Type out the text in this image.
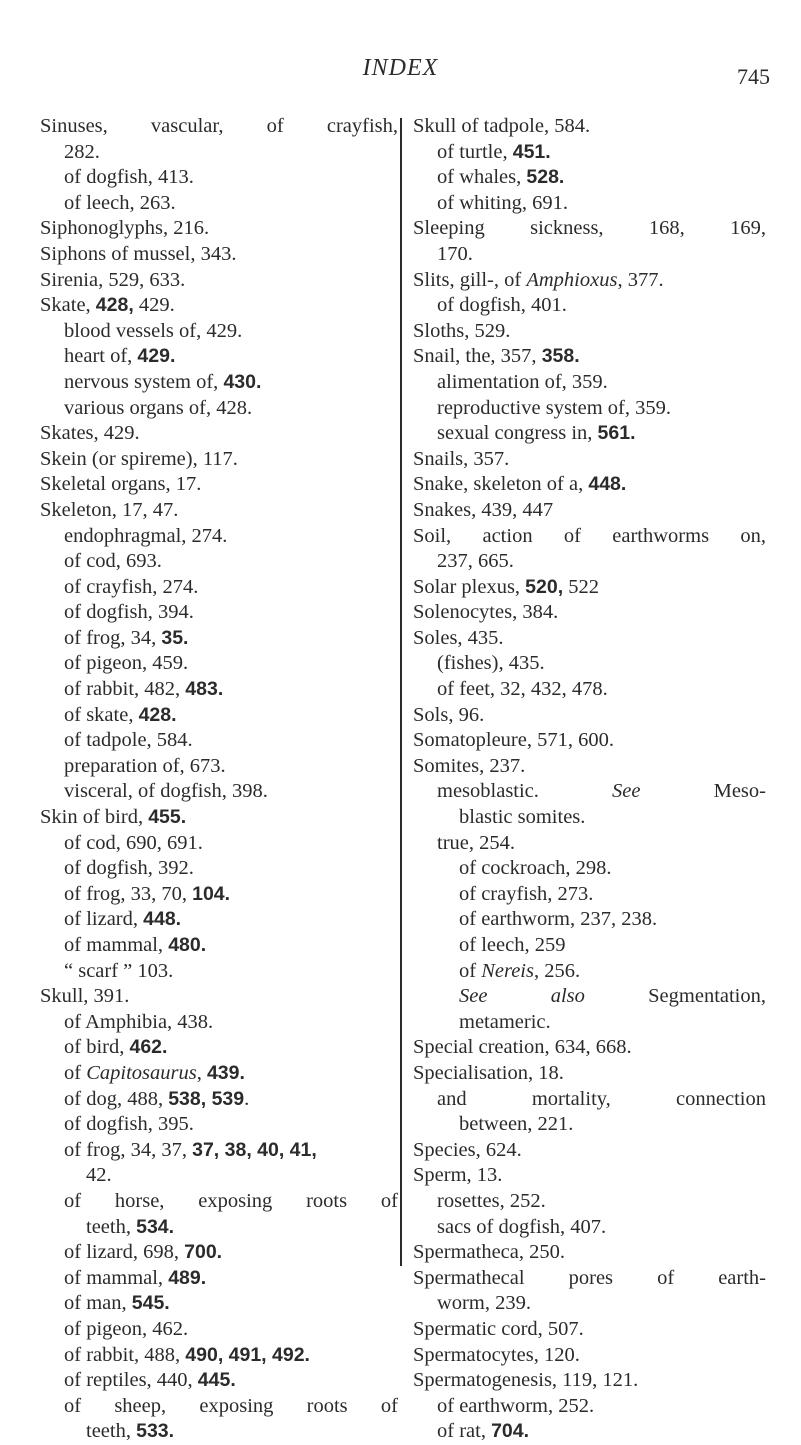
INDEX	745
Sinuses, vascular, of crayfish,
282.
of dogfish, 413.
of leech, 263.
Siphonoglyphs, 216.
Siphons of mussel, 343.
Sirenia, 529, 633.
Skate, 428, 429.
blood vessels of, 429.
heart of, 429.
nervous system of, 430.
various organs of, 428.
Skates, 429.
Skein (or spireme), 117.
Skeletal organs, 17.
Skeleton, 17, 47.
endophragmal, 274.
of cod, 693.
of crayfish, 274.
of dogfish, 394.
of frog, 34, 35.
of pigeon, 459.
of rabbit, 482, 483.
of skate, 428.
of tadpole, 584.
preparation of, 673.
visceral, of dogfish, 398.
Skin of bird, 455.
of cod, 690, 691.
of dogfish, 392.
of frog, 33, 70, 104.
of lizard, 448.
of mammal, 480.
“ scarf ” 103.
Skull, 391.
of Amphibia, 438.
of bird, 462.
of Capitosaurus, 439.
of dog, 488, 538, 539.
of dogfish, 395.
of frog, 34, 37, 37, 38, 40, 41,
42.
of horse, exposing roots of
teeth, 534.
of lizard, 698, 700.
of mammal, 489.
of man, 545.
of pigeon, 462.
of rabbit, 488, 490, 491, 492.
of reptiles, 440, 445.
of sheep, exposing roots of
teeth, 533.
Skull of tadpole, 584.
of turtle, 451.
of whales, 528.
of whiting, 691.
Sleeping sickness, 168, 169,
170.
Slits, gill-, of Amphioxus, 377.
of dogfish, 401.
Sloths, 529.
Snail, the, 357, 358.
alimentation of, 359.
reproductive system of, 359.
sexual congress in, 561.
Snails, 357.
Snake, skeleton of a, 448.
Snakes, 439, 447
Soil, action of earthworms on,
237, 665.
Solar plexus, 520, 522
Solenocytes, 384.
Soles, 435.
(fishes), 435.
of feet, 32, 432, 478.
Sols, 96.
Somatopleure, 571, 600.
Somites, 237.
mesoblastic. See Meso-
blastic somites.
true, 254.
of cockroach, 298.
of crayfish, 273.
of earthworm, 237, 238.
of leech, 259
of Nereis, 256.
See also Segmentation,
metameric.
Special creation, 634, 668.
Specialisation, 18.
and mortality, connection
between, 221.
Species, 624.
Sperm, 13.
rosettes, 252.
sacs of dogfish, 407.
Spermatheca, 250.
Spermathecal pores of earth-
worm, 239.
Spermatic cord, 507.
Spermatocytes, 120.
Spermatogenesis, 119, 121.
of earthworm, 252.
of rat, 704.
